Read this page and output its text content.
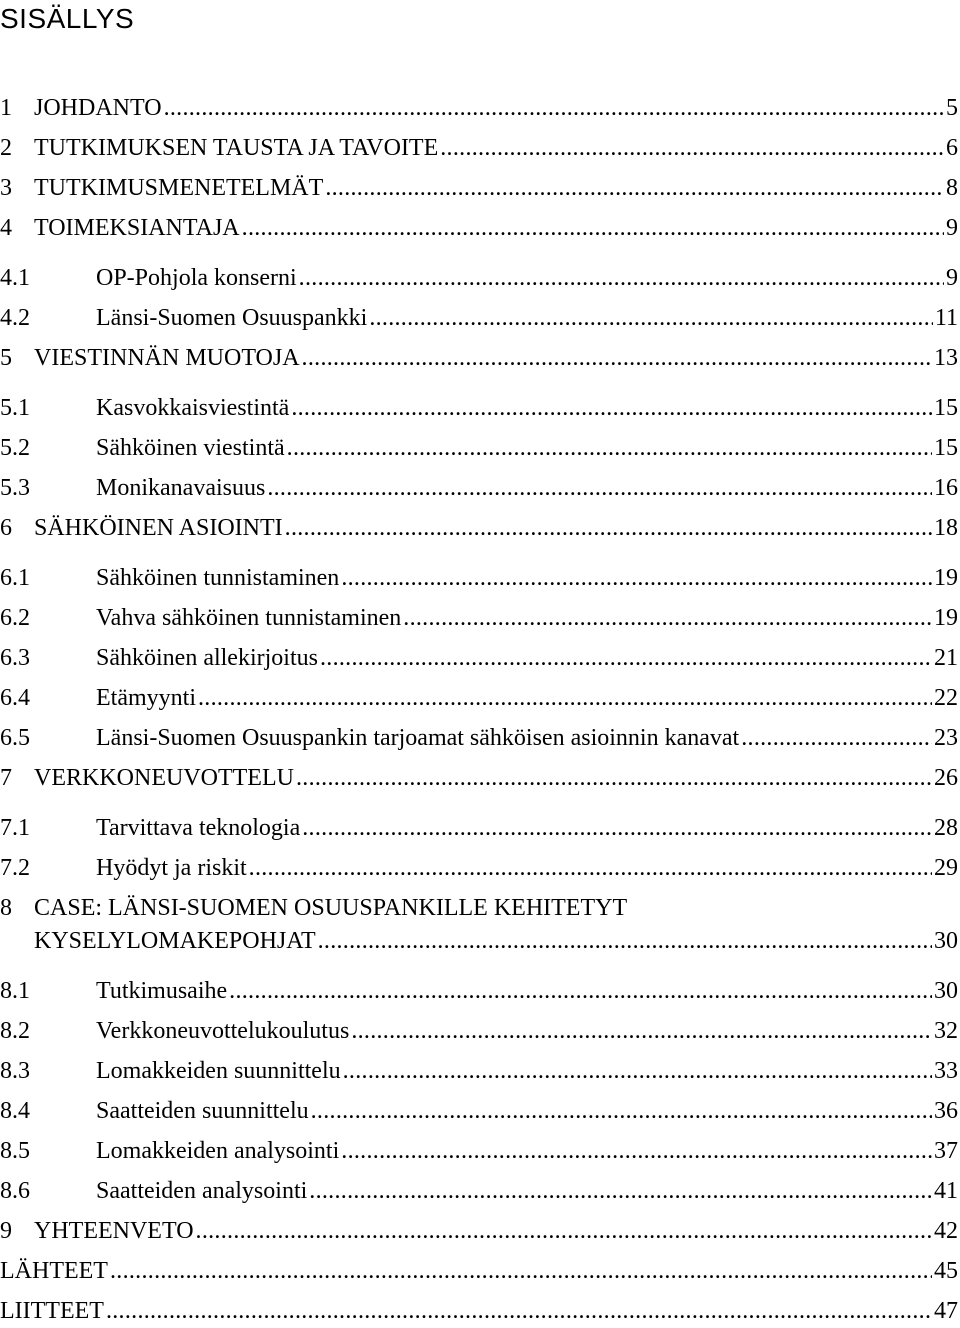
SISÄLLYS
1 JOHDANTO .....	5
2 TUTKIMUKSEN TAUSTA JA TAVOITE .....	6
3 TUTKIMUSMENETELMÄT .....	8
4 TOIMEKSIANTAJA .....	9
4.1	OP-Pohjola konserni .....	9
4.2	Länsi-Suomen Osuuspankki .....	11
5 VIESTINNÄN MUOTOJA .....	13
5.1	Kasvokkaisviestintä .....	15
5.2	Sähköinen viestintä .....	15
5.3	Monikanavaisuus .....	16
6 SÄHKÖINEN ASIOINTI .....	18
6.1	Sähköinen tunnistaminen .....	19
6.2	Vahva sähköinen tunnistaminen .....	19
6.3	Sähköinen allekirjoitus .....	21
6.4	Etämyynti .....	22
6.5	Länsi-Suomen Osuuspankin tarjoamat sähköisen asioinnin kanavat .....	23
7 VERKKONEUVOTTELU .....	26
7.1	Tarvittava teknologia .....	28
7.2	Hyödyt ja riskit .....	29
8 CASE: LÄNSI-SUOMEN OSUUSPANKILLE KEHITETYT
KYSELYLOMAKEPOHJAT .....	30
8.1	Tutkimusaihe .....	30
8.2	Verkkoneuvottelukoulutus .....	32
8.3	Lomakkeiden suunnittelu .....	33
8.4	Saatteiden suunnittelu .....	36
8.5	Lomakkeiden analysointi .....	37
8.6	Saatteiden analysointi .....	41
9 YHTEENVETO .....	42
LÄHTEET .....	45
LIITTEET .....	47
